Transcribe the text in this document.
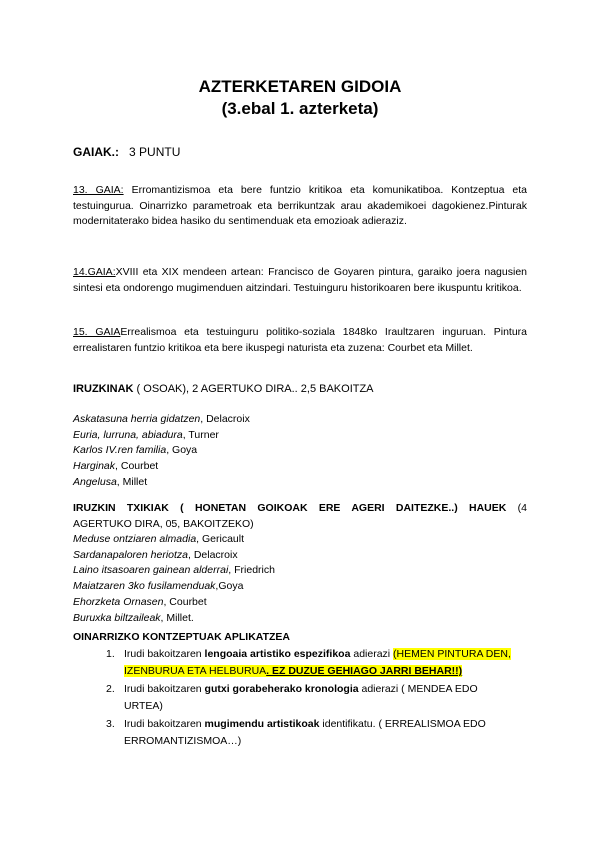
AZTERKETAREN GIDOIA
(3.ebal 1. azterketa)
GAIAK.: 3 PUNTU
13. GAIA: Erromantizismoa eta bere funtzio kritikoa eta komunikatiboa. Kontzeptua eta testuingurua. Oinarrizko parametroak eta berrikuntzak arau akademikoei dagokienez.Pinturak modernitaterako bidea hasiko du sentimenduak eta emozioak adieraziz.
14.GAIA:XVIII eta XIX mendeen artean: Francisco de Goyaren pintura, garaiko joera nagusien sintesi eta ondorengo mugimenduen aitzindari. Testuinguru historikoaren bere ikuspuntu kritikoa.
15. GAIAErrealismoa eta testuinguru politiko-soziala 1848ko Iraultzaren inguruan. Pintura errealistaren funtzio kritikoa eta bere ikuspegi naturista eta zuzena: Courbet eta Millet.
IRUZKINAK ( OSOAK), 2 AGERTUKO DIRA.. 2,5 BAKOITZA
Askatasuna herria gidatzen, Delacroix
Euria, lurruna, abiadura, Turner
Karlos IV.ren familia, Goya
Harginak, Courbet
Angelusa, Millet
IRUZKIN TXIKIAK ( HONETAN GOIKOAK ERE AGERI DAITEZKE..) HAUEK (4
AGERTUKO DIRA, 05, BAKOITZEKO)
Meduse ontziaren almadia, Gericault
Sardanapaloren heriotza, Delacroix
Laino itsasoaren gainean alderrai, Friedrich
Maiatzaren 3ko fusilamenduak,Goya
Ehorzketa Ornasen, Courbet
Buruxka biltzaileak, Millet.
OINARRIZKO KONTZEPTUAK APLIKATZEA
1. Irudi bakoitzaren lengoaia artistiko espezifikoa adierazi (HEMEN PINTURA DEN, IZENBURUA ETA HELBURUA. EZ DUZUE GEHIAGO JARRI BEHAR!!)
2. Irudi bakoitzaren gutxi gorabeherako kronologia adierazi ( MENDEA EDO URTEA)
3. Irudi bakoitzaren mugimendu artistikoak identifikatu. ( ERREALISMOA EDO ERROMANTIZISMOA…)
